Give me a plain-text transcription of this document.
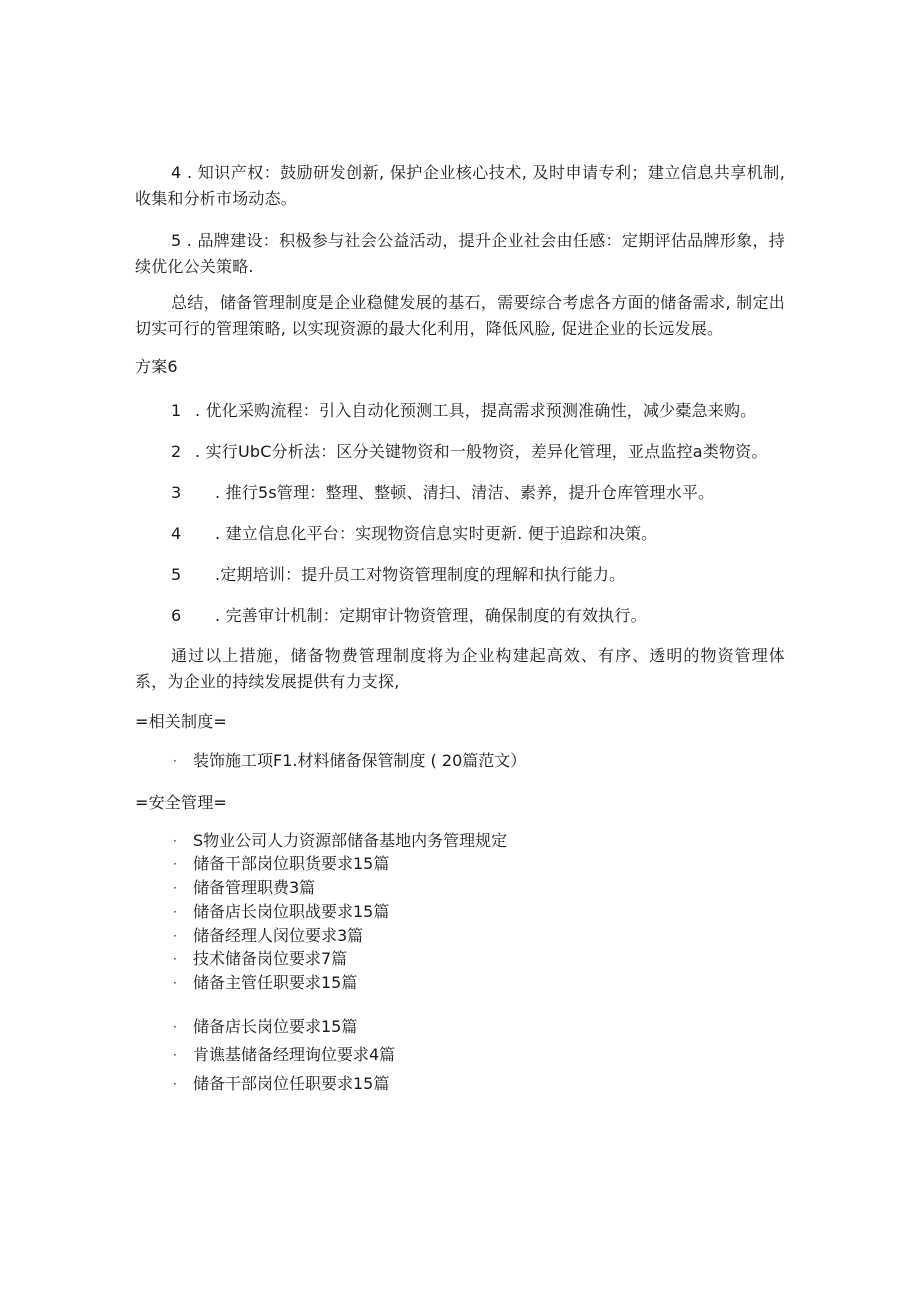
4 . 知识产权：鼓励研发创新, 保护企业核心技术, 及时申请专利；建立信息共享机制, 收集和分析市场动态。
5 . 品牌建设：积极参与社会公益活动，提升企业社会由任感：定期评估品牌形象，持续优化公关策略.
总结，储备管理制度是企业稳健发展的基石，需要综合考虑各方面的储备需求, 制定出切实可行的管理策略, 以实现资源的最大化利用，降低风脸, 促进企业的长远发展。
方案6
1 . 优化采购流程：引入自动化预测工具，提高需求预测准确性，减少橐急来购。
2 . 实行UbC分析法：区分关键物资和一般物资，差异化管理，亚点监控a类物资。
3 . 推行5s管理：整理、整顿、清扫、清洁、素养，提升仓库管理水平。
4 . 建立信息化平台：实现物资信息实时更新. 便于追踪和决策。
5 .定期培训：提升员工对物资管理制度的理解和执行能力。
6 . 完善审计机制：定期审计物资管理，确保制度的有效执行。
通过以上措施，储备物费管理制度将为企业构建起高效、有序、透明的物资管理体系，为企业的持续发展提供有力支探,
=相关制度=
· 装饰施工项F1.材料储备保管制度 ( 20篇范文）
=安全管理=
· S物业公司人力资源部储备基地内务管理规定
· 储备干部岗位职货要求15篇
· 储备管理职费3篇
· 储备店长岗位职战要求15篇
· 储备经理人闵位要求3篇
· 技术储备岗位要求7篇
· 储备主管任职要求15篇
· 储备店长岗位要求15篇
· 肯谯基储备经理询位要求4篇
· 储备干部岗位任职要求15篇
